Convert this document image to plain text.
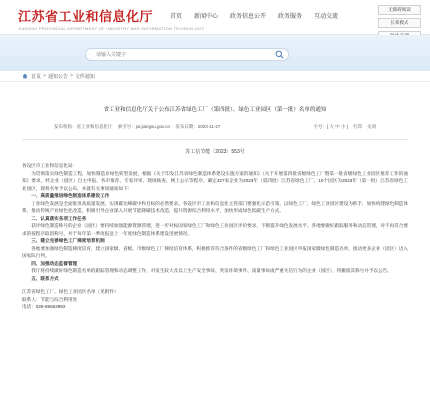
江苏省工业和信息化厅
JIANGSU PROVINCIAL DEPARTMENT OF INDUSTRY AND INFORMATION TECHNOLOGY
首页 新闻中心 政务信息公开 政务服务 互动交流
无障碍阅读
长辈模式
请输入关键字
首页 > 通知公告 > 文件通知
省工业和信息化厅关于公布江苏省绿色工厂（第四批）、绿色工业园区（第一批）名单的通知
发布机构：省工业和信息化厅 索引号：jxt.jiangsu.gov.cn 发布日期：2023-11-27	字号：[ 大 中 小 ] 打印 关闭
苏工信节能〔2023〕553号

各设区市工业和信息化局：

为贯彻落实绿色制造工程，加快制造业绿色转型发展，根据《关于印发江苏省绿色制造体系建设实施方案的通知》《关于开展第四批省级绿色工厂暨第一批省级绿色工业园区推荐工作的通知》要求，经企业（园区）自主申报、各市推荐、专家评审、现场核查、网上公示等程序，确定427家企业为2023年（第四批）江苏省绿色工厂、10个园区为2023年（第一批）江苏省绿色工业园区，现将名单予以公布，并就有关事项通知如下：

一、高质量推进绿色制造体系建设工作

工业绿色发展是全面推进高质量发展、实现碳达峰碳中和目标的必然要求。各设区市工业和信息化主管部门要强化示范引领，以绿色工厂、绿色工业园区建设为抓手，加快构建绿色制造体系，推动传统产业绿色化改造，积极引导企业深入开展节能降碳技术改造，提升资源综合利用水平，加快形成绿色低碳生产方式。

二、认真落实各项工作任务

获评绿色制造称号的企业（园区）要持续加强能源资源管理，进一步对标国家绿色工厂和绿色工业园区评价要求，不断提升绿色发展水平。各地要做好跟踪服务和动态管理，对不再符合要求的按程序取消称号，并于每年第一季度报送上一年度绿色制造体系建设进展情况。

三、建立完善绿色工厂梯度培育机制

各地要加强绿色制造梯度培育，建立国家级、省级、市级绿色工厂梯度培育体系，积极推荐符合条件的省级绿色工厂和绿色工业园区申报国家级绿色制造名单，推动更多企业（园区）迈入国家队行列。

四、加强动态监督管理

我厅将持续做好绿色制造名单的跟踪管理和动态调整工作，对发生较大及以上生产安全事故、突发环境事件、质量事故或严重失信行为的企业（园区），将撤销其称号并予以公告。

五、联系方式

江苏省绿色工厂、绿色工业园区名单（见附件）
联系人：节能与综合利用处
电话：025-69652992
